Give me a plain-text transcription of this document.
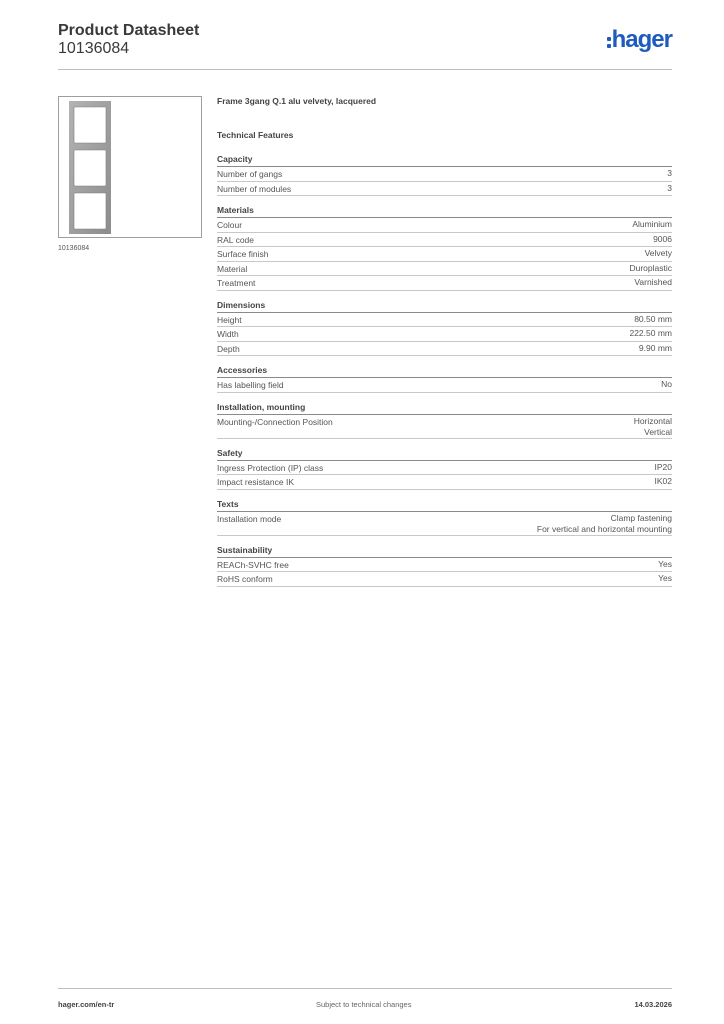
Product Datasheet
10136084	hager
10136084
Frame 3gang Q.1 alu velvety, lacquered
Technical Features
Capacity
Number of gangs	3
Number of modules	3
Materials
Colour	Aluminium
RAL code	9006
Surface finish	Velvety
Material	Duroplastic
Treatment	Varnished
Dimensions
Height	80.50 mm
Width	222.50 mm
Depth	9.90 mm
Accessories
Has labelling field	No
Installation, mounting
Mounting-/Connection Position	Horizontal
Vertical
Safety
Ingress Protection (IP) class	IP20
Impact resistance IK	IK02
Texts
Installation mode	Clamp fastening
For vertical and horizontal mounting
Sustainability
REACh-SVHC free	Yes
RoHS conform	Yes
hager.com/en-tr	Subject to technical changes	14.03.2026
